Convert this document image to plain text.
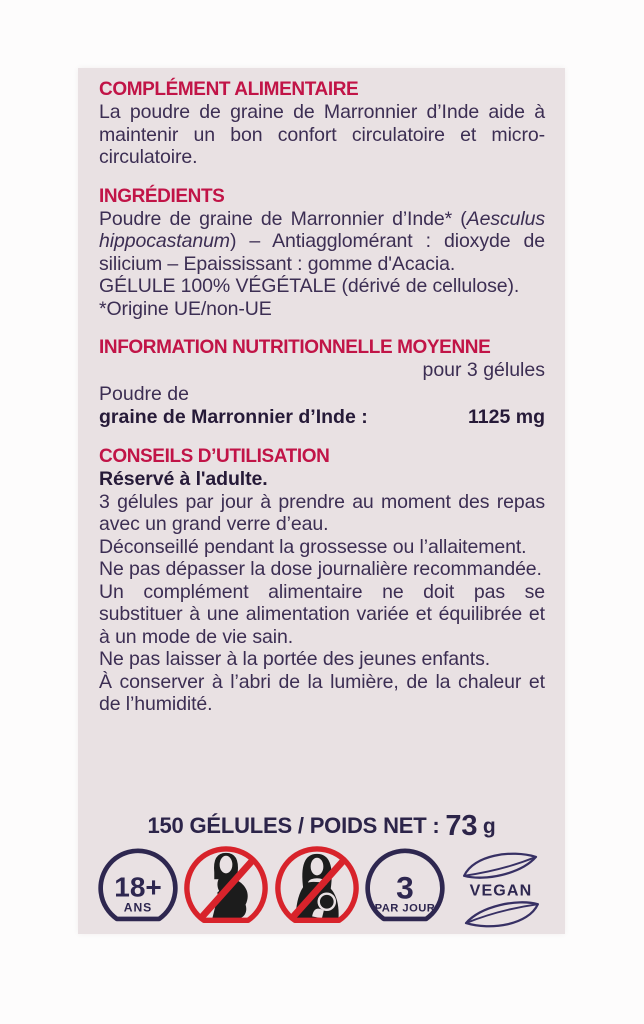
COMPLÉMENT ALIMENTAIRE

La poudre de graine de Marronnier d’Inde aide à maintenir un bon confort circulatoire et micro-circulatoire.

INGRÉDIENTS

Poudre de graine de Marronnier d’Inde* (Aesculus hippocastanum) – Antiagglomérant : dioxyde de silicium – Epaississant : gomme d'Acacia.

GÉLULE 100% VÉGÉTALE (dérivé de cellulose).

*Origine UE/non-UE

INFORMATION NUTRITIONNELLE MOYENNE
pour 3 gélules
Poudre de
graine de Marronnier d’Inde :	1125 mg
CONSEILS D’UTILISATION

Réservé à l'adulte.

3 gélules par jour à prendre au moment des repas avec un grand verre d’eau.

Déconseillé pendant la grossesse ou l’allaitement.

Ne pas dépasser la dose journalière recommandée.

Un complément alimentaire ne doit pas se substituer à une alimentation variée et équilibrée et à un mode de vie sain.

Ne pas laisser à la portée des jeunes enfants.

À conserver à l’abri de la lumière, de la chaleur et de l’humidité.

150 GÉLULES / POIDS NET : 73 g
18+
ANS
3
PAR JOUR
VEGAN
